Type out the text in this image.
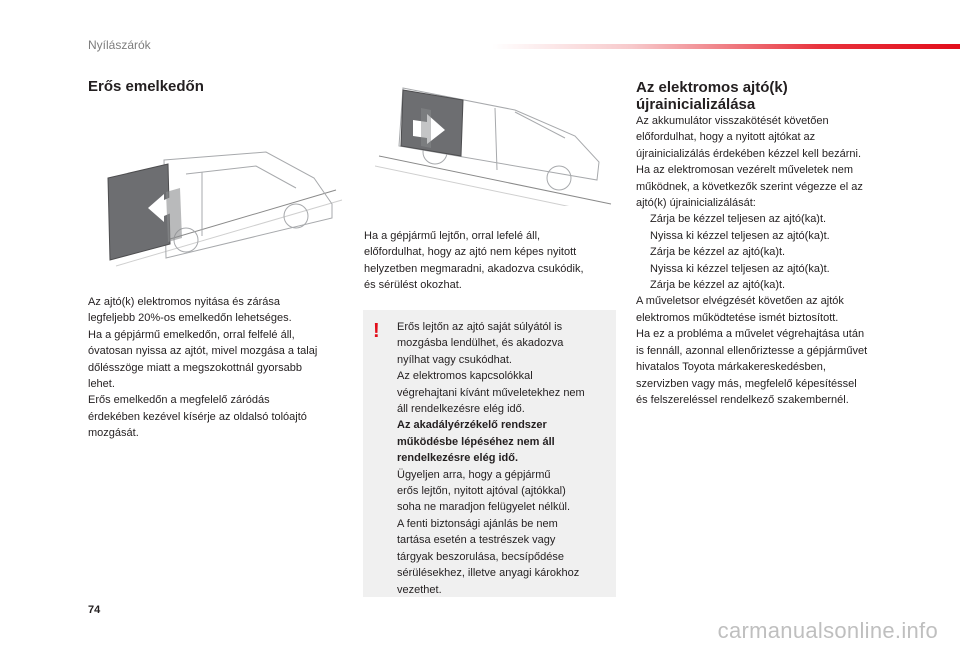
Nyílászárók
Erős emelkedőn
Az ajtó(k) elektromos nyitása és zárása
legfeljebb 20%-os emelkedőn lehetséges.
Ha a gépjármű emelkedőn, orral felfelé áll,
óvatosan nyissa az ajtót, mivel mozgása a talaj
dőlésszöge miatt a megszokottnál gyorsabb
lehet.
Erős emelkedőn a megfelelő záródás
érdekében kezével kísérje az oldalsó tolóajtó
mozgását.
Ha a gépjármű lejtőn, orral lefelé áll,
előfordulhat, hogy az ajtó nem képes nyitott
helyzetben megmaradni, akadozva csukódik,
és sérülést okozhat.
! Erős lejtőn az ajtó saját súlyától is
mozgásba lendülhet, és akadozva
nyílhat vagy csukódhat.
Az elektromos kapcsolókkal
végrehajtani kívánt műveletekhez nem
áll rendelkezésre elég idő.
Az akadályérzékelő rendszer
működésbe lépéséhez nem áll
rendelkezésre elég idő.
Ügyeljen arra, hogy a gépjármű
erős lejtőn, nyitott ajtóval (ajtókkal)
soha ne maradjon felügyelet nélkül.
A fenti biztonsági ajánlás be nem
tartása esetén a testrészek vagy
tárgyak beszorulása, becsípődése
sérülésekhez, illetve anyagi károkhoz
vezethet.
Az elektromos ajtó(k)
újrainicializálása
Az akkumulátor visszakötését követően
előfordulhat, hogy a nyitott ajtókat az
újrainicializálás érdekében kézzel kell bezárni.
Ha az elektromosan vezérelt műveletek nem
működnek, a következők szerint végezze el az
ajtó(k) újrainicializálását:
Zárja be kézzel teljesen az ajtó(ka)t.
Nyissa ki kézzel teljesen az ajtó(ka)t.
Zárja be kézzel az ajtó(ka)t.
Nyissa ki kézzel teljesen az ajtó(ka)t.
Zárja be kézzel az ajtó(ka)t.
A műveletsor elvégzését követően az ajtók
elektromos működtetése ismét biztosított.
Ha ez a probléma a művelet végrehajtása után
is fennáll, azonnal ellenőriztesse a gépjárművet
hivatalos Toyota márkakereskedésben,
szervizben vagy más, megfelelő képesítéssel
és felszereléssel rendelkező szakembernél.
74
carmanualsonline.info
